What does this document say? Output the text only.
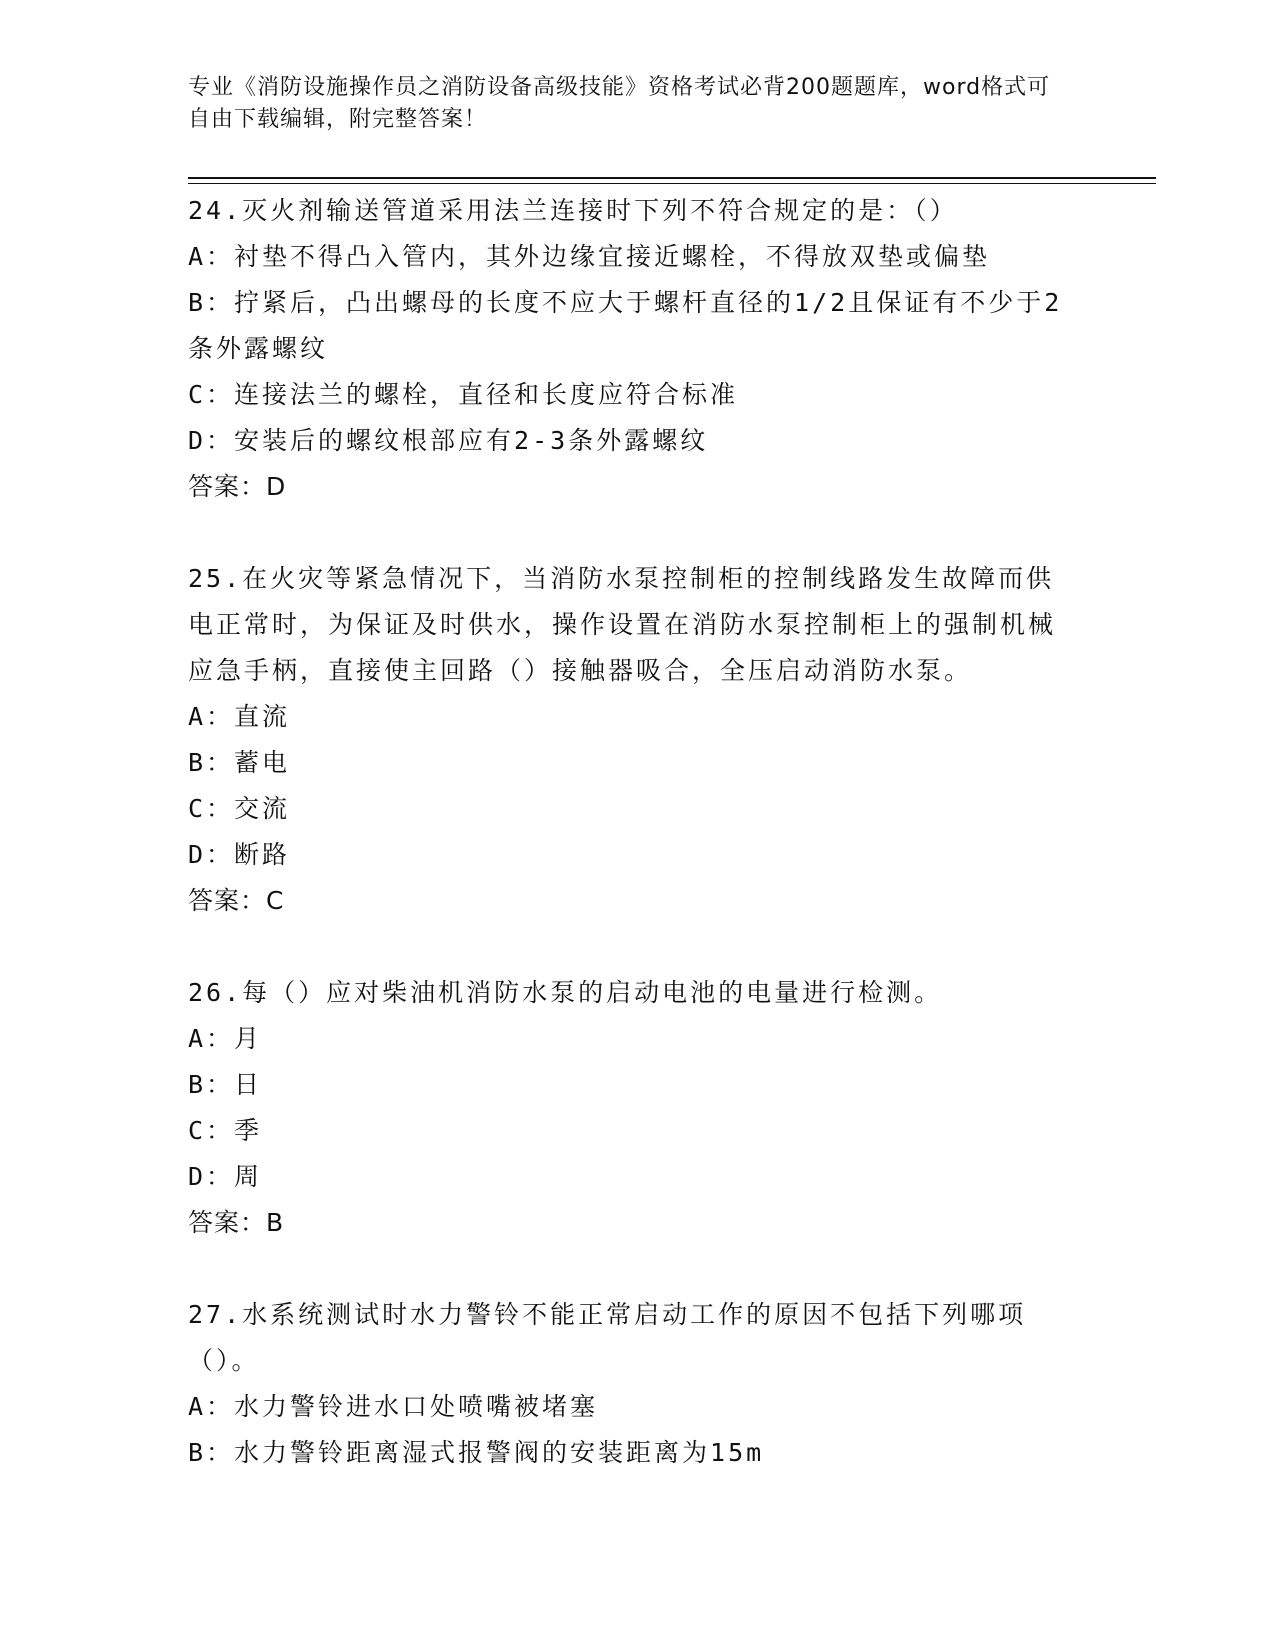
专业《消防设施操作员之消防设备高级技能》资格考试必背200题题库，word格式可自由下载编辑，附完整答案！
24.灭火剂输送管道采用法兰连接时下列不符合规定的是：（）
A：衬垫不得凸入管内，其外边缘宜接近螺栓，不得放双垫或偏垫
B：拧紧后，凸出螺母的长度不应大于螺杆直径的1/2且保证有不少于2条外露螺纹
C：连接法兰的螺栓，直径和长度应符合标准
D：安装后的螺纹根部应有2-3条外露螺纹
答案：D
25.在火灾等紧急情况下，当消防水泵控制柜的控制线路发生故障而供电正常时，为保证及时供水，操作设置在消防水泵控制柜上的强制机械应急手柄，直接使主回路（）接触器吸合，全压启动消防水泵。
A：直流
B：蓄电
C：交流
D：断路
答案：C
26.每（）应对柴油机消防水泵的启动电池的电量进行检测。
A：月
B：日
C：季
D：周
答案：B
27.水系统测试时水力警铃不能正常启动工作的原因不包括下列哪项（）。
A：水力警铃进水口处喷嘴被堵塞
B：水力警铃距离湿式报警阀的安装距离为15m
